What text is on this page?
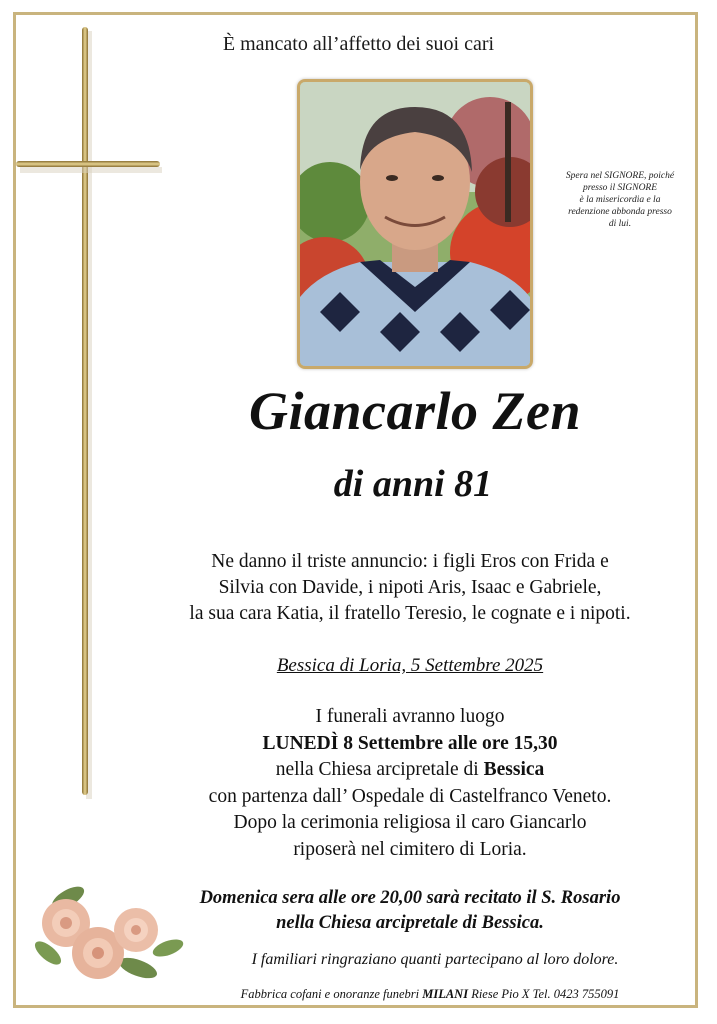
È mancato all’affetto dei suoi cari
Spera nel SIGNORE, poiché
presso il SIGNORE
è la misericordia e la
redenzione abbonda presso
di lui.
Giancarlo Zen
di anni 81
Ne danno il triste annuncio: i figli Eros con Frida e
Silvia con Davide, i nipoti Aris, Isaac e Gabriele,
la sua cara Katia, il fratello Teresio, le cognate e i nipoti.
Bessica di Loria, 5 Settembre 2025
I funerali avranno luogo
LUNEDÌ 8 Settembre alle ore 15,30
nella Chiesa arcipretale di Bessica
con partenza dall’ Ospedale di Castelfranco Veneto.
Dopo la cerimonia religiosa il caro Giancarlo
riposerà nel cimitero di Loria.
Domenica sera alle ore 20,00 sarà recitato il S. Rosario
nella Chiesa arcipretale di Bessica.
I familiari ringraziano quanti partecipano al loro dolore.
Fabbrica cofani e onoranze funebri MILANI Riese Pio X Tel. 0423 755091
